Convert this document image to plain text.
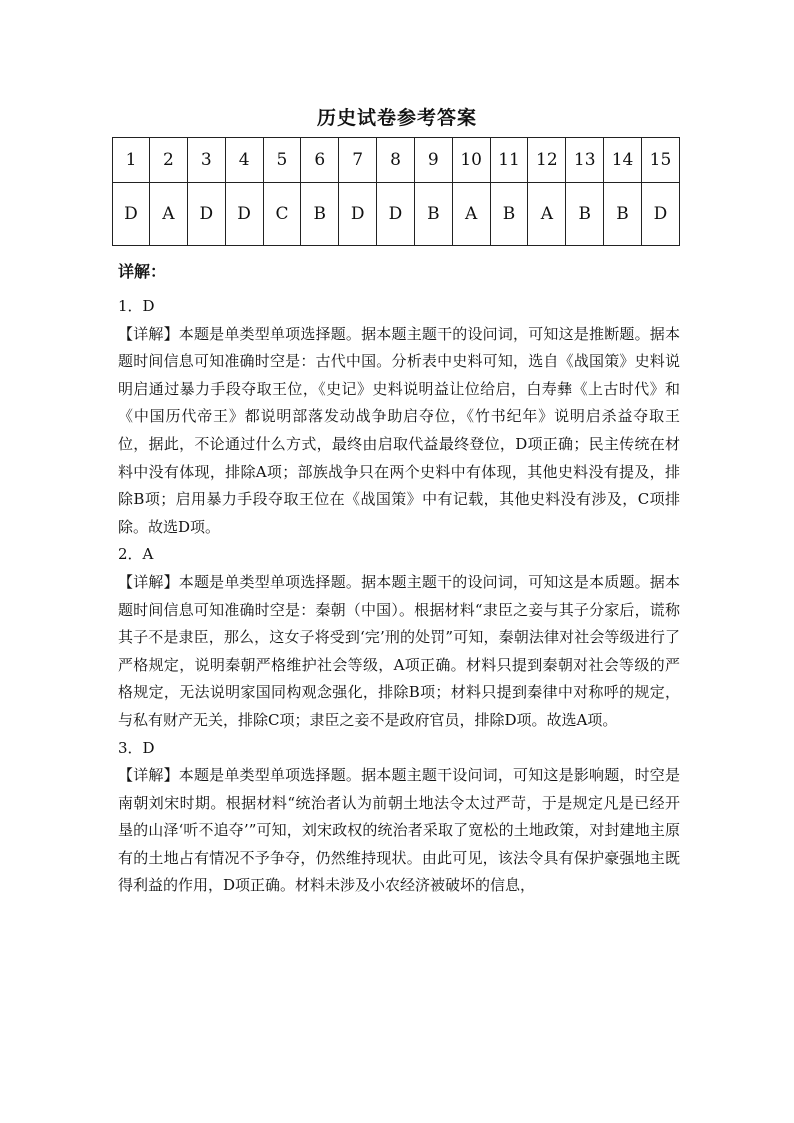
历史试卷参考答案
1	2	3	4	5	6	7	8	9	10	11	12	13	14	15
D	A	D	D	C	B	D	D	B	A	B	A	B	B	D
详解：
1．D
【详解】本题是单类型单项选择题。据本题主题干的设问词，可知这是推断题。据本题时间信息可知准确时空是：古代中国。分析表中史料可知，选自《战国策》史料说明启通过暴力手段夺取王位，《史记》史料说明益让位给启，白寿彝《上古时代》和《中国历代帝王》都说明部落发动战争助启夺位，《竹书纪年》说明启杀益夺取王位，据此，不论通过什么方式，最终由启取代益最终登位，D项正确；民主传统在材料中没有体现，排除A项；部族战争只在两个史料中有体现，其他史料没有提及，排除B项；启用暴力手段夺取王位在《战国策》中有记载，其他史料没有涉及，C项排除。故选D项。
2．A
【详解】本题是单类型单项选择题。据本题主题干的设问词，可知这是本质题。据本题时间信息可知准确时空是：秦朝（中国）。根据材料“隶臣之妾与其子分家后，谎称其子不是隶臣，那么，这女子将受到‘完’刑的处罚”可知，秦朝法律对社会等级进行了严格规定，说明秦朝严格维护社会等级，A项正确。材料只提到秦朝对社会等级的严格规定，无法说明家国同构观念强化，排除B项；材料只提到秦律中对称呼的规定，与私有财产无关，排除C项；隶臣之妾不是政府官员，排除D项。故选A项。
3．D
【详解】本题是单类型单项选择题。据本题主题干设问词，可知这是影响题，时空是南朝刘宋时期。根据材料“统治者认为前朝土地法令太过严苛，于是规定凡是已经开垦的山泽‘听不追夺’”可知，刘宋政权的统治者采取了宽松的土地政策，对封建地主原有的土地占有情况不予争夺，仍然维持现状。由此可见，该法令具有保护豪强地主既得利益的作用，D项正确。材料未涉及小农经济被破坏的信息，
